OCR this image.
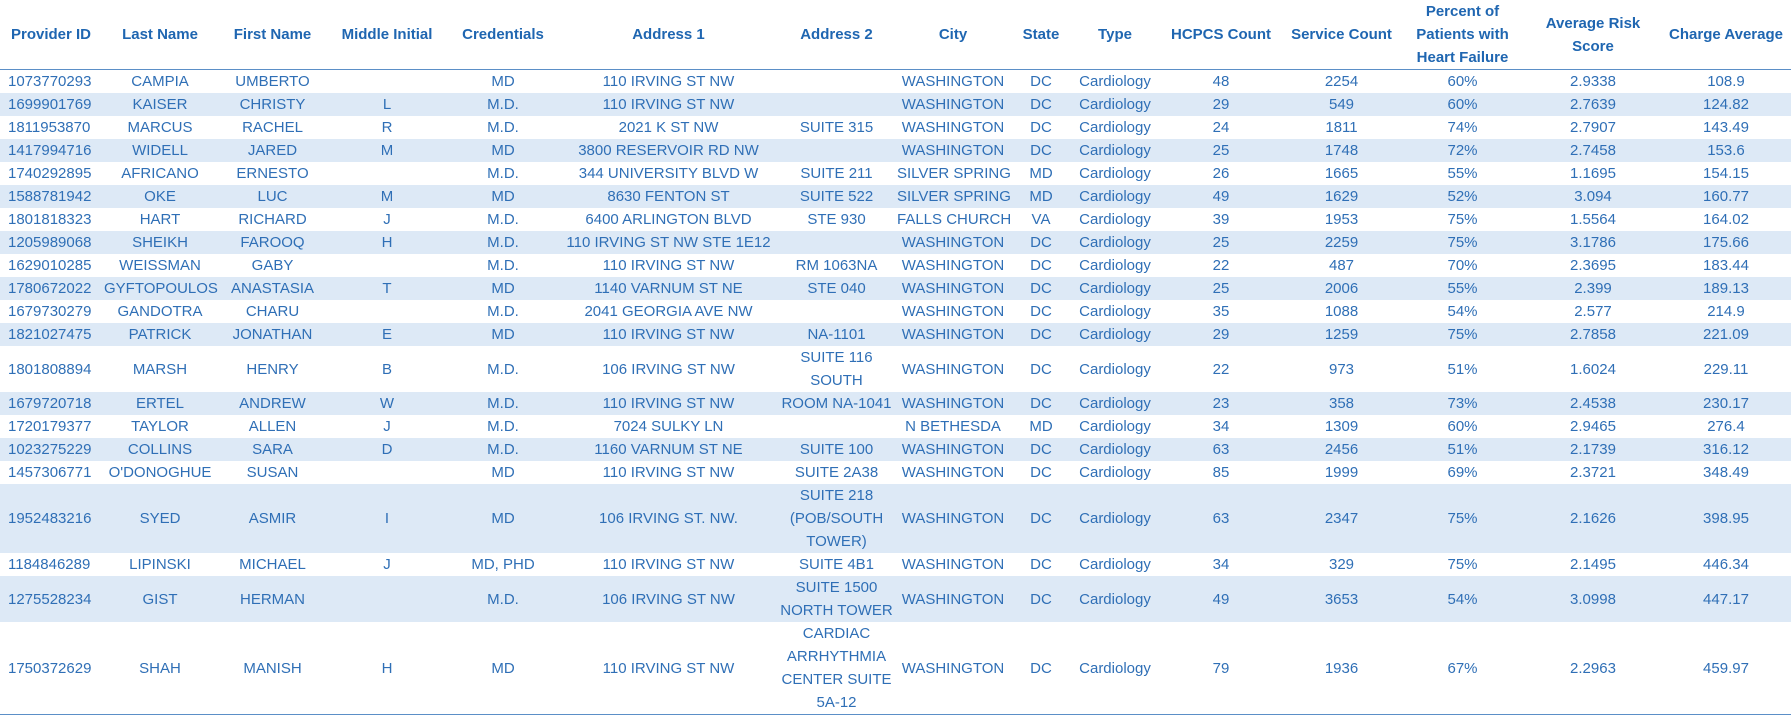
Provider ID	Last Name	First Name	Middle Initial	Credentials	Address 1	Address 2	City	State	Type	HCPCS Count	Service Count	Percent of Patients with Heart Failure	Average Risk Score	Charge Average
1073770293	CAMPIA	UMBERTO		MD	110 IRVING ST NW		WASHINGTON	DC	Cardiology	48	2254	60%	2.9338	108.9
1699901769	KAISER	CHRISTY	L	M.D.	110 IRVING ST NW		WASHINGTON	DC	Cardiology	29	549	60%	2.7639	124.82
1811953870	MARCUS	RACHEL	R	M.D.	2021 K ST NW	SUITE 315	WASHINGTON	DC	Cardiology	24	1811	74%	2.7907	143.49
1417994716	WIDELL	JARED	M	MD	3800 RESERVOIR RD NW		WASHINGTON	DC	Cardiology	25	1748	72%	2.7458	153.6
1740292895	AFRICANO	ERNESTO		M.D.	344 UNIVERSITY BLVD W	SUITE 211	SILVER SPRING	MD	Cardiology	26	1665	55%	1.1695	154.15
1588781942	OKE	LUC	M	MD	8630 FENTON ST	SUITE 522	SILVER SPRING	MD	Cardiology	49	1629	52%	3.094	160.77
1801818323	HART	RICHARD	J	M.D.	6400 ARLINGTON BLVD	STE 930	FALLS CHURCH	VA	Cardiology	39	1953	75%	1.5564	164.02
1205989068	SHEIKH	FAROOQ	H	M.D.	110 IRVING ST NW STE 1E12		WASHINGTON	DC	Cardiology	25	2259	75%	3.1786	175.66
1629010285	WEISSMAN	GABY		M.D.	110 IRVING ST NW	RM 1063NA	WASHINGTON	DC	Cardiology	22	487	70%	2.3695	183.44
1780672022	GYFTOPOULOS	ANASTASIA	T	MD	1140 VARNUM ST NE	STE 040	WASHINGTON	DC	Cardiology	25	2006	55%	2.399	189.13
1679730279	GANDOTRA	CHARU		M.D.	2041 GEORGIA AVE NW		WASHINGTON	DC	Cardiology	35	1088	54%	2.577	214.9
1821027475	PATRICK	JONATHAN	E	MD	110 IRVING ST NW	NA-1101	WASHINGTON	DC	Cardiology	29	1259	75%	2.7858	221.09
1801808894	MARSH	HENRY	B	M.D.	106 IRVING ST NW	SUITE 116 SOUTH	WASHINGTON	DC	Cardiology	22	973	51%	1.6024	229.11
1679720718	ERTEL	ANDREW	W	M.D.	110 IRVING ST NW	ROOM NA-1041	WASHINGTON	DC	Cardiology	23	358	73%	2.4538	230.17
1720179377	TAYLOR	ALLEN	J	M.D.	7024 SULKY LN		N BETHESDA	MD	Cardiology	34	1309	60%	2.9465	276.4
1023275229	COLLINS	SARA	D	M.D.	1160 VARNUM ST NE	SUITE 100	WASHINGTON	DC	Cardiology	63	2456	51%	2.1739	316.12
1457306771	O'DONOGHUE	SUSAN		MD	110 IRVING ST NW	SUITE 2A38	WASHINGTON	DC	Cardiology	85	1999	69%	2.3721	348.49
1952483216	SYED	ASMIR	I	MD	106 IRVING ST. NW.	SUITE 218 (POB/SOUTH TOWER)	WASHINGTON	DC	Cardiology	63	2347	75%	2.1626	398.95
1184846289	LIPINSKI	MICHAEL	J	MD, PHD	110 IRVING ST NW	SUITE 4B1	WASHINGTON	DC	Cardiology	34	329	75%	2.1495	446.34
1275528234	GIST	HERMAN		M.D.	106 IRVING ST NW	SUITE 1500 NORTH TOWER	WASHINGTON	DC	Cardiology	49	3653	54%	3.0998	447.17
1750372629	SHAH	MANISH	H	MD	110 IRVING ST NW	CARDIAC ARRHYTHMIA CENTER SUITE 5A-12	WASHINGTON	DC	Cardiology	79	1936	67%	2.2963	459.97
